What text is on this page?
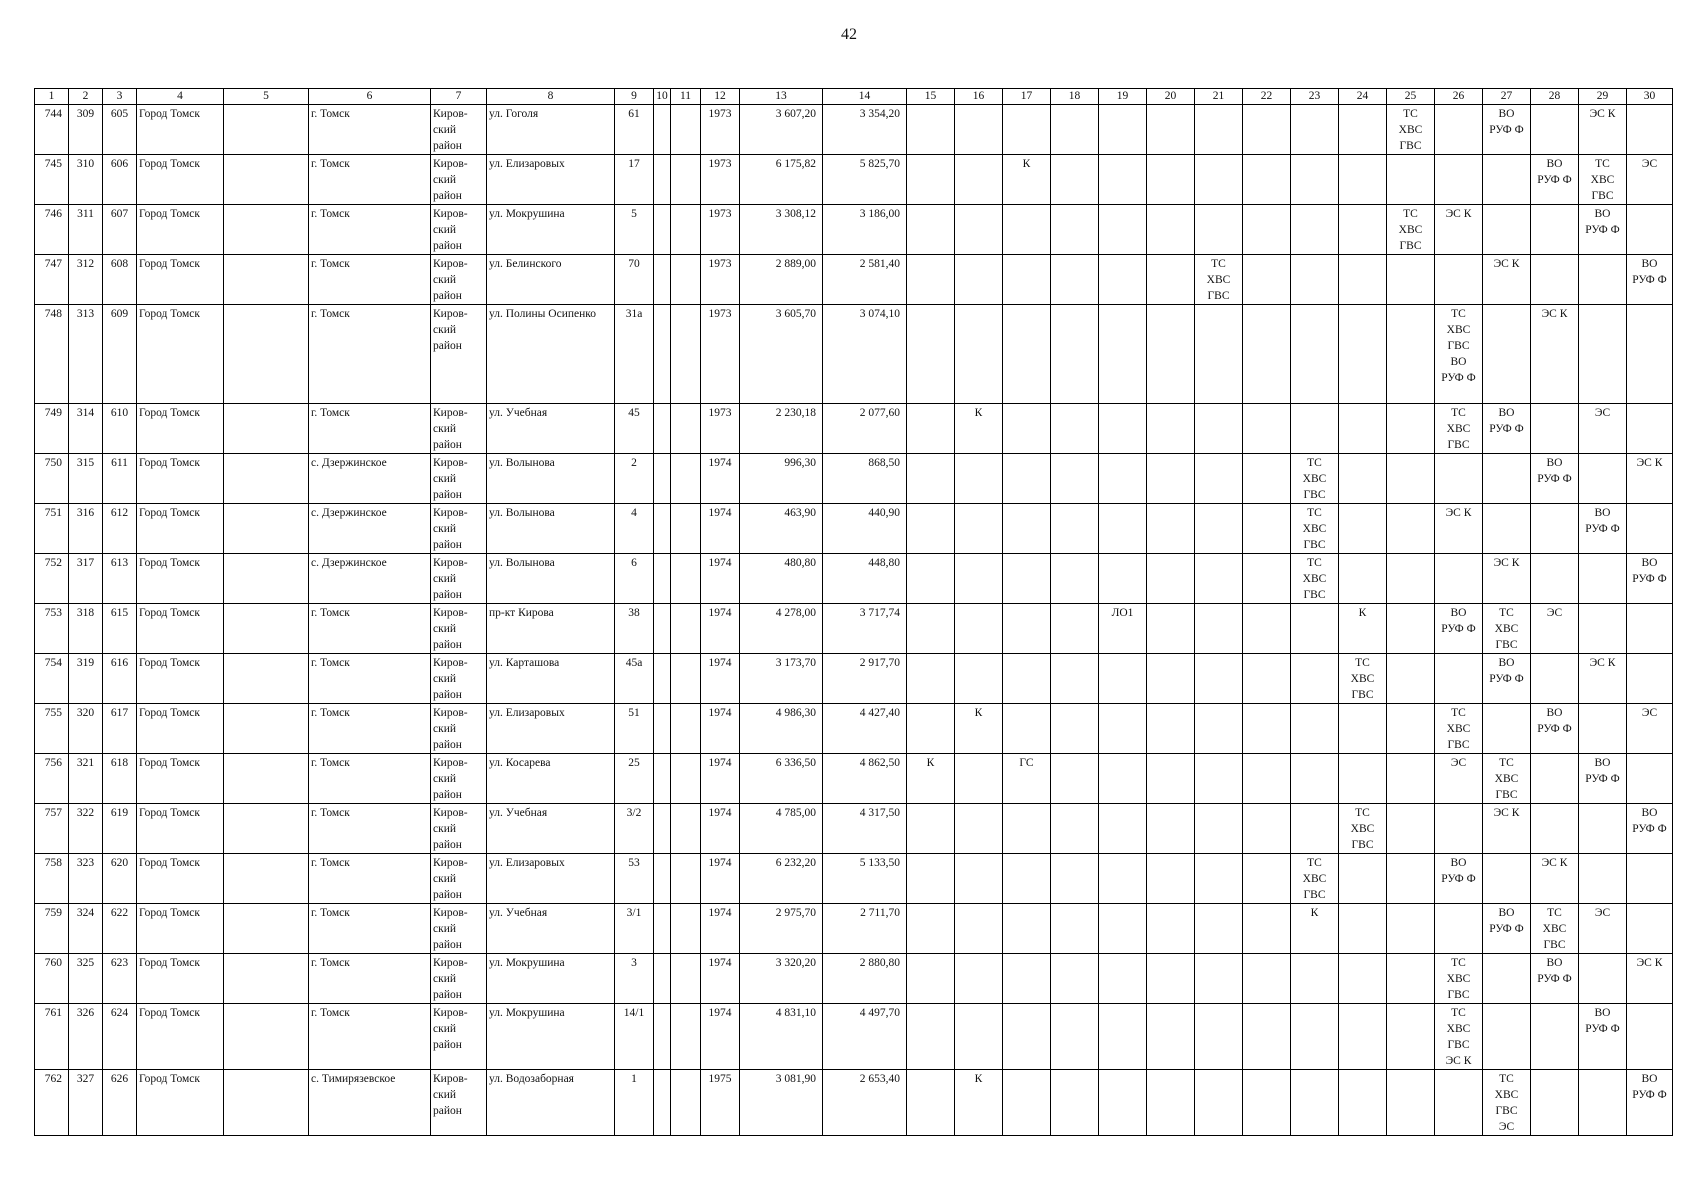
42
1	2	3	4	5	6	7	8	9	10	11	12	13	14	15	16	17	18	19	20	21	22	23	24	25	26	27	28	29	30
744	309	605	Город Томск		г. Томск	Киров-
ский
район	ул. Гоголя	61			1973	3 607,20	3 354,20											ТС
ХВС
ГВС		ВО
РУФ Ф		ЭС К	
745	310	606	Город Томск		г. Томск	Киров-
ский
район	ул. Елизаровых	17			1973	6 175,82	5 825,70			К											ВО
РУФ Ф	ТС
ХВС
ГВС	ЭС
746	311	607	Город Томск		г. Томск	Киров-
ский
район	ул. Мокрушина	5			1973	3 308,12	3 186,00											ТС
ХВС
ГВС	ЭС К			ВО
РУФ Ф	
747	312	608	Город Томск		г. Томск	Киров-
ский
район	ул. Белинского	70			1973	2 889,00	2 581,40							ТС
ХВС
ГВС						ЭС К			ВО
РУФ Ф
748	313	609	Город Томск		г. Томск	Киров-
ский
район	ул. Полины Осипенко	31а			1973	3 605,70	3 074,10												ТС
ХВС
ГВС
ВО
РУФ Ф		ЭС К		
749	314	610	Город Томск		г. Томск	Киров-
ский
район	ул. Учебная	45			1973	2 230,18	2 077,60		К										ТС
ХВС
ГВС	ВО
РУФ Ф		ЭС	
750	315	611	Город Томск		с. Дзержинское	Киров-
ский
район	ул. Волынова	2			1974	996,30	868,50									ТС
ХВС
ГВС					ВО
РУФ Ф		ЭС К
751	316	612	Город Томск		с. Дзержинское	Киров-
ский
район	ул. Волынова	4			1974	463,90	440,90									ТС
ХВС
ГВС			ЭС К			ВО
РУФ Ф	
752	317	613	Город Томск		с. Дзержинское	Киров-
ский
район	ул. Волынова	6			1974	480,80	448,80									ТС
ХВС
ГВС				ЭС К			ВО
РУФ Ф
753	318	615	Город Томск		г. Томск	Киров-
ский
район	пр-кт Кирова	38			1974	4 278,00	3 717,74					ЛО1					К		ВО
РУФ Ф	ТС
ХВС
ГВС	ЭС		
754	319	616	Город Томск		г. Томск	Киров-
ский
район	ул. Карташова	45а			1974	3 173,70	2 917,70										ТС
ХВС
ГВС			ВО
РУФ Ф		ЭС К	
755	320	617	Город Томск		г. Томск	Киров-
ский
район	ул. Елизаровых	51			1974	4 986,30	4 427,40		К										ТС
ХВС
ГВС		ВО
РУФ Ф		ЭС
756	321	618	Город Томск		г. Томск	Киров-
ский
район	ул. Косарева	25			1974	6 336,50	4 862,50	К		ГС									ЭС	ТС
ХВС
ГВС		ВО
РУФ Ф	
757	322	619	Город Томск		г. Томск	Киров-
ский
район	ул. Учебная	3/2			1974	4 785,00	4 317,50										ТС
ХВС
ГВС			ЭС К			ВО
РУФ Ф
758	323	620	Город Томск		г. Томск	Киров-
ский
район	ул. Елизаровых	53			1974	6 232,20	5 133,50									ТС
ХВС
ГВС			ВО
РУФ Ф		ЭС К		
759	324	622	Город Томск		г. Томск	Киров-
ский
район	ул. Учебная	3/1			1974	2 975,70	2 711,70									К				ВО
РУФ Ф	ТС
ХВС
ГВС	ЭС	
760	325	623	Город Томск		г. Томск	Киров-
ский
район	ул. Мокрушина	3			1974	3 320,20	2 880,80												ТС
ХВС
ГВС		ВО
РУФ Ф		ЭС К
761	326	624	Город Томск		г. Томск	Киров-
ский
район	ул. Мокрушина	14/1			1974	4 831,10	4 497,70												ТС
ХВС
ГВС
ЭС К			ВО
РУФ Ф	
762	327	626	Город Томск		с. Тимирязевское	Киров-
ский
район	ул. Водозаборная	1			1975	3 081,90	2 653,40		К											ТС
ХВС
ГВС
ЭС			ВО
РУФ Ф
